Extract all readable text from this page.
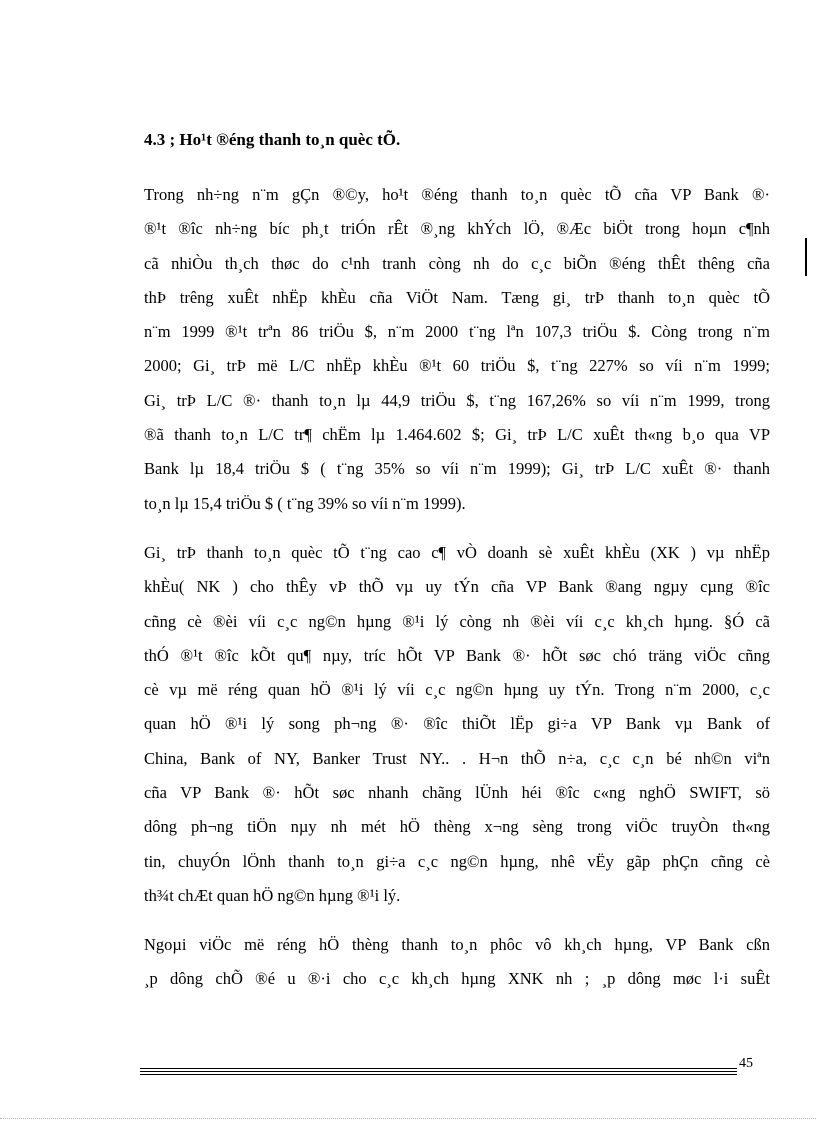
4.3 ; Ho¹t ®éng thanh to¸n quèc tÕ.
Trong nh÷ng n¨m gÇn ®©y, ho¹t ®éng thanh to¸n quèc tÕ cña VP Bank ®·
®¹t ®îc nh÷ng bíc ph¸t triÓn rÊt ®¸ng khÝch lÖ, ®Æc biÖt trong hoµn c¶nh
cã nhiÒu th¸ch thøc do c¹nh tranh còng nh do c¸c biÕn ®éng thÊt thêng cña
thÞ trêng xuÊt nhËp khÈu cña ViÖt Nam. Tæng gi¸ trÞ thanh to¸n quèc tÕ
n¨m 1999 ®¹t trªn 86 triÖu $, n¨m 2000 t¨ng lªn 107,3 triÖu $. Còng trong n¨m
2000; Gi¸ trÞ më L/C nhËp khÈu ®¹t 60 triÖu $, t¨ng 227% so víi n¨m 1999;
Gi¸ trÞ L/C ®· thanh to¸n lµ 44,9 triÖu $, t¨ng 167,26% so víi n¨m 1999, trong
®ã thanh to¸n L/C tr¶ chËm lµ 1.464.602 $; Gi¸ trÞ L/C xuÊt th«ng b¸o qua VP
Bank lµ 18,4 triÖu $ ( t¨ng 35% so víi n¨m 1999); Gi¸ trÞ L/C xuÊt ®· thanh
to¸n lµ 15,4 triÖu $ ( t¨ng 39% so víi n¨m 1999).
Gi¸ trÞ thanh to¸n quèc tÕ t¨ng cao c¶ vÒ doanh sè xuÊt khÈu (XK ) vµ nhËp
khÈu( NK ) cho thÊy vÞ thÕ vµ uy tÝn cña VP Bank ®ang ngµy cµng ®îc
cñng cè ®èi víi c¸c ng©n hµng ®¹i lý còng nh ®èi víi c¸c kh¸ch hµng. §Ó cã
thÓ ®¹t ®îc kÕt qu¶ nµy, tríc hÕt VP Bank ®· hÕt søc chó träng viÖc cñng
cè vµ më réng quan hÖ ®¹i lý víi c¸c ng©n hµng uy tÝn. Trong n¨m 2000, c¸c
quan hÖ ®¹i lý song ph¬ng ®· ®îc thiÕt lËp gi÷a VP Bank vµ Bank of
China, Bank of NY, Banker Trust NY.. . H¬n thÕ n÷a, c¸c c¸n bé nh©n viªn
cña VP Bank ®· hÕt søc nhanh chãng lÜnh héi ®îc c«ng nghÖ SWIFT, sö
dông ph¬ng tiÖn nµy nh mét hÖ thèng x¬ng sèng trong viÖc truyÒn th«ng
tin, chuyÓn lÖnh thanh to¸n gi÷a c¸c ng©n hµng, nhê vËy gãp phÇn cñng cè
th¾t chÆt quan hÖ ng©n hµng ®¹i lý.
Ngoµi viÖc më réng hÖ thèng thanh to¸n phôc vô kh¸ch hµng, VP Bank cßn
¸p dông chÕ ®é u ®·i cho c¸c kh¸ch hµng XNK nh ; ¸p dông møc l·i suÊt
45
